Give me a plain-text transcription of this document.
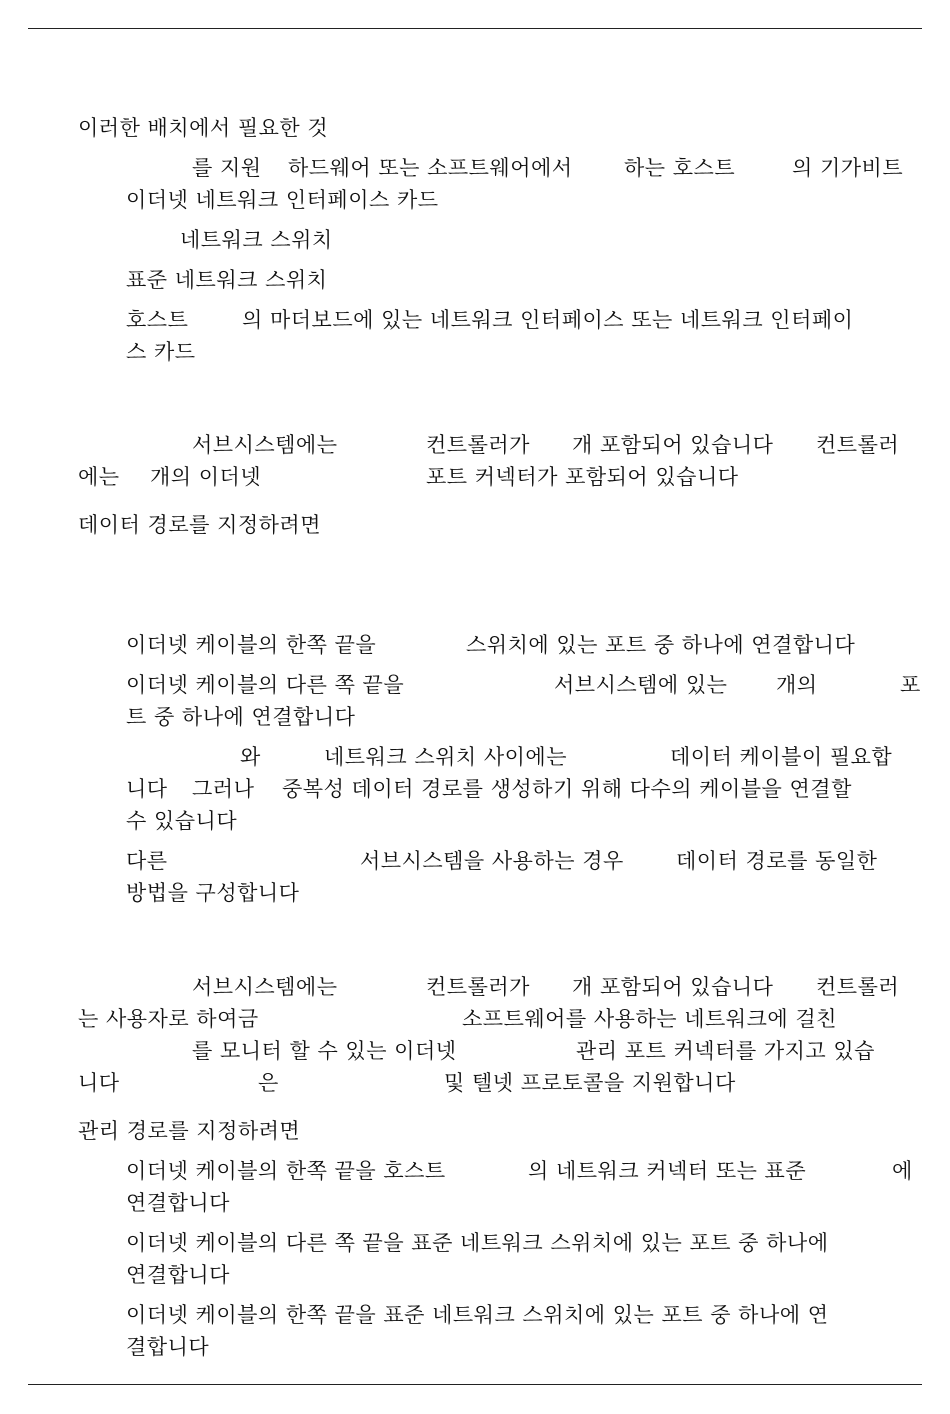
이러한 배치에서 필요한 것
를 지원 하드웨어 또는 소프트웨어에서 하는 호스트	의 기가비트
이더넷 네트워크 인터페이스 카드
네트워크 스위치
표준 네트워크 스위치
호스트	의 마더보드에 있는 네트워크 인터페이스 또는 네트워크 인터페이
스 카드
서브시스템에는	컨트롤러가 개 포함되어 있습니다 컨트롤러
에는 개의 이더넷	포트 커넥터가 포함되어 있습니다
데이터 경로를 지정하려면
이더넷 케이블의 한쪽 끝을	스위치에 있는 포트 중 하나에 연결합니다
이더넷 케이블의 다른 쪽 끝을	서브시스템에 있는 개의	포
트 중 하나에 연결합니다
와	네트워크 스위치 사이에는	데이터 케이블이 필요합
니다 그러나 중복성 데이터 경로를 생성하기 위해 다수의 케이블을 연결할
수 있습니다
다른	서브시스템을 사용하는 경우 데이터 경로를 동일한
방법을 구성합니다
서브시스템에는	컨트롤러가 개 포함되어 있습니다 컨트롤러
는 사용자로 하여금	소프트웨어를 사용하는 네트워크에 걸친
를 모니터 할 수 있는 이더넷	관리 포트 커넥터를 가지고 있습
니다	은	및 텔넷 프로토콜을 지원합니다
관리 경로를 지정하려면
이더넷 케이블의 한쪽 끝을 호스트	의 네트워크 커넥터 또는 표준	에
연결합니다
이더넷 케이블의 다른 쪽 끝을 표준 네트워크 스위치에 있는 포트 중 하나에
연결합니다
이더넷 케이블의 한쪽 끝을 표준 네트워크 스위치에 있는 포트 중 하나에 연
결합니다
